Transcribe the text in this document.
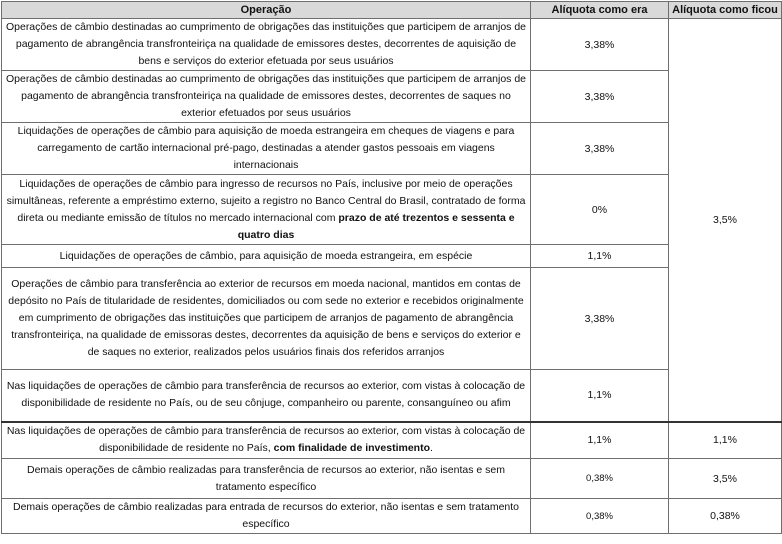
Operação	Alíquota como era	Alíquota como ficou
Operações de câmbio destinadas ao cumprimento de obrigações das instituições que participem de arranjos de pagamento de abrangência transfronteiriça na qualidade de emissores destes, decorrentes de aquisição de bens e serviços do exterior efetuada por seus usuários	3,38%	3,5%
Operações de câmbio destinadas ao cumprimento de obrigações das instituições que participem de arranjos de pagamento de abrangência transfronteiriça na qualidade de emissores destes, decorrentes de saques no exterior efetuados por seus usuários	3,38%	
Liquidações de operações de câmbio para aquisição de moeda estrangeira em cheques de viagens e para carregamento de cartão internacional pré-pago, destinadas a atender gastos pessoais em viagens internacionais	3,38%	
Liquidações de operações de câmbio para ingresso de recursos no País, inclusive por meio de operações simultâneas, referente a empréstimo externo, sujeito a registro no Banco Central do Brasil, contratado de forma direta ou mediante emissão de títulos no mercado internacional com prazo de até trezentos e sessenta e quatro dias	0%	
Liquidações de operações de câmbio, para aquisição de moeda estrangeira, em espécie	1,1%	
Operações de câmbio para transferência ao exterior de recursos em moeda nacional, mantidos em contas de depósito no País de titularidade de residentes, domiciliados ou com sede no exterior e recebidos originalmente em cumprimento de obrigações das instituições que participem de arranjos de pagamento de abrangência transfronteiriça, na qualidade de emissoras destes, decorrentes da aquisição de bens e serviços do exterior e de saques no exterior, realizados pelos usuários finais dos referidos arranjos	3,38%	
Nas liquidações de operações de câmbio para transferência de recursos ao exterior, com vistas à colocação de disponibilidade de residente no País, ou de seu cônjuge, companheiro ou parente, consanguíneo ou afim	1,1%	
Nas liquidações de operações de câmbio para transferência de recursos ao exterior, com vistas à colocação de disponibilidade de residente no País, com finalidade de investimento.	1,1%	1,1%
Demais operações de câmbio realizadas para transferência de recursos ao exterior, não isentas e sem tratamento específico	0,38%	3,5%
Demais operações de câmbio realizadas para entrada de recursos do exterior, não isentas e sem tratamento específico	0,38%	0,38%
